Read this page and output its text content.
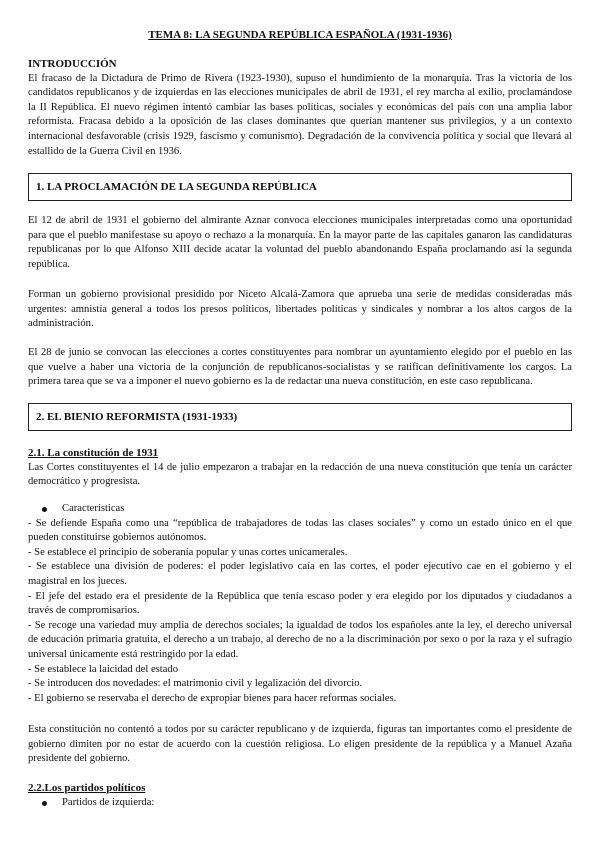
TEMA 8: LA SEGUNDA REPÚBLICA ESPAÑOLA (1931-1936)
INTRODUCCIÓN
El fracaso de la Dictadura de Primo de Rivera (1923-1930), supuso el hundimiento de la monarquía. Tras la victoria de los candidatos republicanos y de izquierdas en las elecciones municipales de abril de 1931, el rey marcha al exilio, proclamándose la II República. El nuevo régimen intentó cambiar las bases políticas, sociales y económicas del país con una amplia labor reformista. Fracasa debido a la oposición de las clases dominantes que querían mantener sus privilegios, y a un contexto internacional desfavorable (crisis 1929, fascismo y comunismo). Degradación de la convivencia política y social que llevará al estallido de la Guerra Civil en 1936.
1. LA PROCLAMACIÓN DE LA SEGUNDA REPÚBLICA
El 12 de abril de 1931 el gobierno del almirante Aznar convoca elecciones municipales interpretadas como una oportunidad para que el pueblo manifestase su apoyo o rechazo a la monarquía. En la mayor parte de las capitales ganaron las candidaturas republicanas por lo que Alfonso XIII decide acatar la voluntad del pueblo abandonando España proclamando así la segunda república.
Forman un gobierno provisional presidido por Niceto Alcalá-Zamora que aprueba una serie de medidas consideradas más urgentes: amnistía general a todos los presos políticos, libertades políticas y sindicales y nombrar a los altos cargos de la administración.
El 28 de junio se convocan las elecciones a cortes constituyentes para nombrar un ayuntamiento elegido por el pueblo en las que vuelve a haber una victoria de la conjunción de republicanos-socialistas y se ratifican definitivamente los cargos. La primera tarea que se va a imponer el nuevo gobierno es la de redactar una nueva constitución, en este caso republicana.
2. EL BIENIO REFORMISTA (1931-1933)
2.1. La constitución de 1931
Las Cortes constituyentes el 14 de julio empezaron a trabajar en la redacción de una nueva constitución que tenía un carácter democrático y progresista.
Características
- Se defiende España como una “república de trabajadores de todas las clases sociales” y como un estado único en el que pueden constituirse gobiernos autónomos.
- Se establece el principio de soberanía popular y unas cortes unicamerales.
- Se establece una división de poderes: el poder legislativo caía en las cortes, el poder ejecutivo cae en el gobierno y el magistral en los jueces.
- El jefe del estado era el presidente de la República que tenía escaso poder y era elegido por los diputados y ciudadanos a través de compromisarios.
- Se recoge una variedad muy amplia de derechos sociales; la igualdad de todos los españoles ante la ley, el derecho universal de educación primaria gratuita, el derecho a un trabajo, al derecho de no a la discriminación por sexo o por la raza y el sufragio universal únicamente está restringido por la edad.
- Se establece la laicidad del estado
- Se introducen dos novedades: el matrimonio civil y legalización del divorcio.
- El gobierno se reservaba el derecho de expropiar bienes para hacer reformas sociales.
Esta constitución no contentó a todos por su carácter republicano y de izquierda, figuras tan importantes como el presidente de gobierno dimiten por no estar de acuerdo con la cuestión religiosa. Lo eligen presidente de la república y a Manuel Azaña presidente del gobierno.
2.2.Los partidos políticos
Partidos de izquierda:
